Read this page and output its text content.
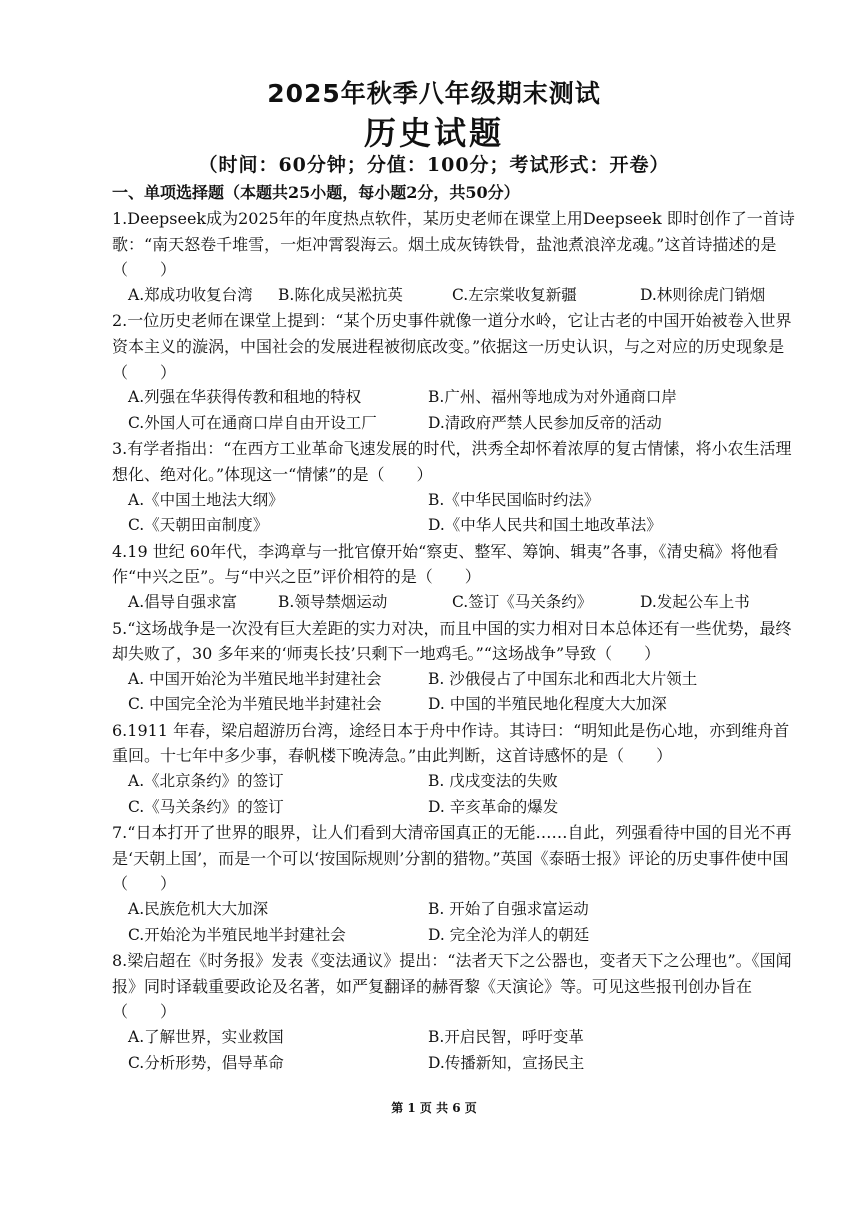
2025年秋季八年级期末测试
历史试题
（时间：60分钟；分值：100分；考试形式：开卷）
一、单项选择题（本题共25小题，每小题2分，共50分）
1.Deepseek成为2025年的年度热点软件，某历史老师在课堂上用Deepseek 即时创作了一首诗歌：“南天怒卷千堆雪，一炬冲霄裂海云。烟土成灰铸铁骨，盐池煮浪淬龙魂。”这首诗描述的是（　　）
A.郑成功收复台湾	B.陈化成吴淞抗英	C.左宗棠收复新疆	D.林则徐虎门销烟
2.一位历史老师在课堂上提到：“某个历史事件就像一道分水岭，它让古老的中国开始被卷入世界资本主义的漩涡，中国社会的发展进程被彻底改变。”依据这一历史认识，与之对应的历史现象是（　　）
A.列强在华获得传教和租地的特权	B.广州、福州等地成为对外通商口岸
C.外国人可在通商口岸自由开设工厂	D.清政府严禁人民参加反帝的活动
3.有学者指出：“在西方工业革命飞速发展的时代，洪秀全却怀着浓厚的复古情愫，将小农生活理想化、绝对化。”体现这一“情愫”的是（　　）
A.《中国土地法大纲》	B.《中华民国临时约法》
C.《天朝田亩制度》	D.《中华人民共和国土地改革法》
4.19 世纪 60年代，李鸿章与一批官僚开始“察吏、整军、筹饷、辑夷”各事，《清史稿》将他看作“中兴之臣”。与“中兴之臣”评价相符的是（　　）
A.倡导自强求富	B.领导禁烟运动	C.签订《马关条约》	D.发起公车上书
5.“这场战争是一次没有巨大差距的实力对决，而且中国的实力相对日本总体还有一些优势，最终却失败了，30 多年来的‘师夷长技’只剩下一地鸡毛。”“这场战争”导致（　　）
A. 中国开始沦为半殖民地半封建社会	B. 沙俄侵占了中国东北和西北大片领土
C. 中国完全沦为半殖民地半封建社会	D. 中国的半殖民地化程度大大加深
6.1911 年春，梁启超游历台湾，途经日本于舟中作诗。其诗曰：“明知此是伤心地，亦到维舟首重回。十七年中多少事，春帆楼下晚涛急。”由此判断，这首诗感怀的是（　　）
A.《北京条约》的签订	B. 戊戌变法的失败
C.《马关条约》的签订	D. 辛亥革命的爆发
7.“日本打开了世界的眼界，让人们看到大清帝国真正的无能……自此，列强看待中国的目光不再是‘天朝上国’，而是一个可以‘按国际规则’分割的猎物。”英国《泰晤士报》评论的历史事件使中国（　　）
A.民族危机大大加深	B. 开始了自强求富运动
C.开始沦为半殖民地半封建社会	D. 完全沦为洋人的朝廷
8.梁启超在《时务报》发表《变法通议》提出：“法者天下之公器也，变者天下之公理也”。《国闻报》同时译载重要政论及名著，如严复翻译的赫胥黎《天演论》等。可见这些报刊创办旨在（　　）
A.了解世界，实业救国	B.开启民智，呼吁变革
C.分析形势，倡导革命	D.传播新知，宣扬民主
第 1 页 共 6 页
